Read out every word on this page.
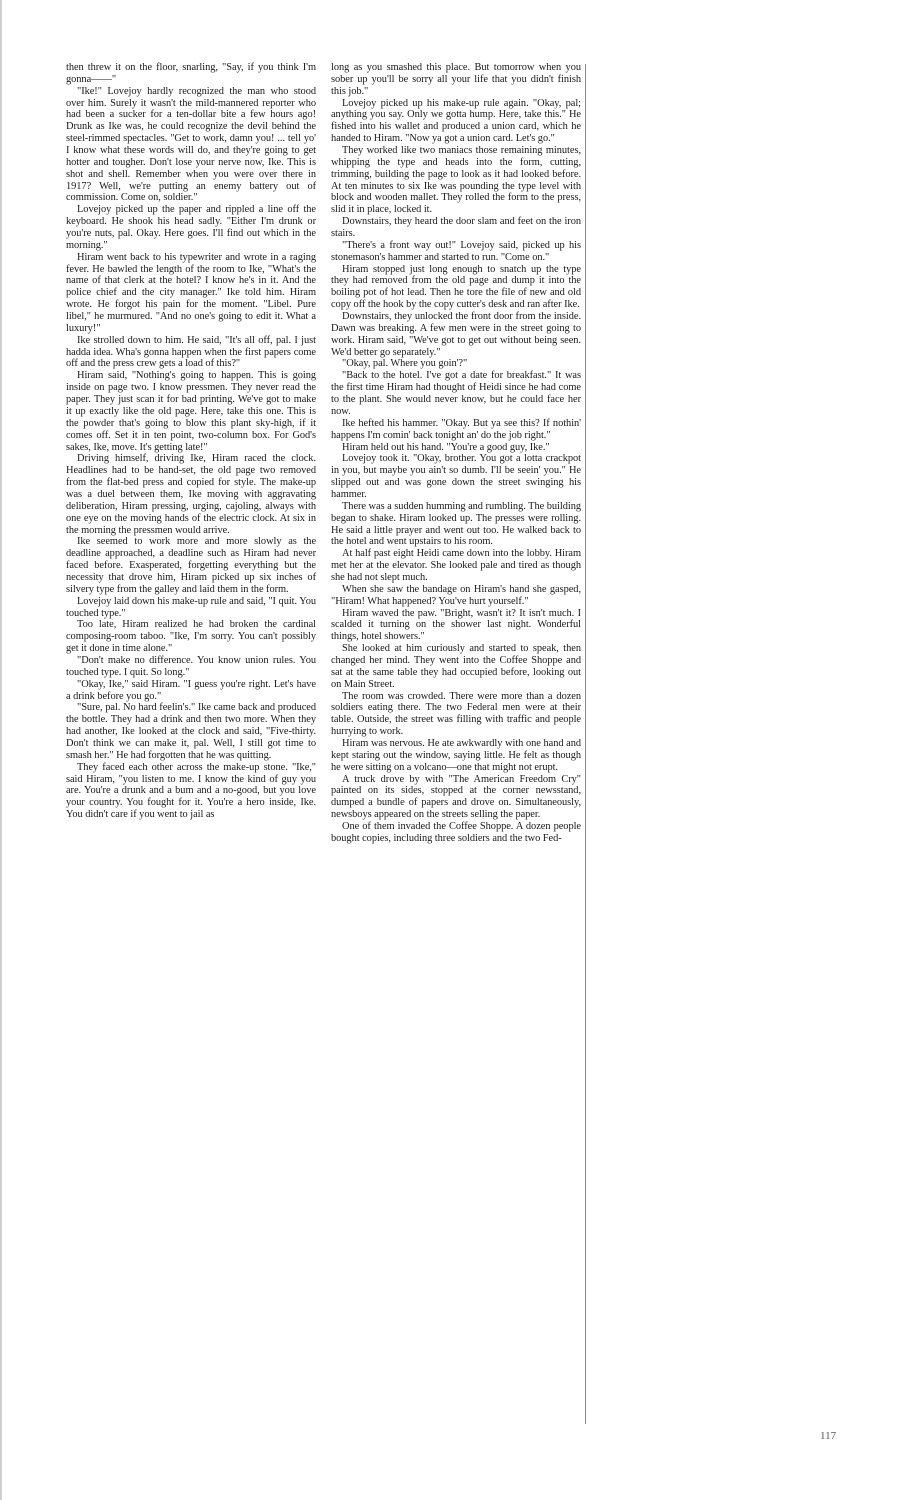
then threw it on the floor, snarling, "Say, if you think I'm gonna——"

"Ike!" Lovejoy hardly recognized the man who stood over him. Surely it wasn't the mild-mannered reporter who had been a sucker for a ten-dollar bite a few hours ago! Drunk as Ike was, he could recognize the devil behind the steel-rimmed spectacles. "Get to work, damn you! ... tell yo' I know what these words will do, and they're going to get hotter and tougher. Don't lose your nerve now, Ike. This is shot and shell. Remember when you were over there in 1917? Well, we're putting an enemy battery out of commission. Come on, soldier."

Lovejoy picked up the paper and rippled a line off the keyboard. He shook his head sadly. "Either I'm drunk or you're nuts, pal. Okay. Here goes. I'll find out which in the morning."

Hiram went back to his typewriter and wrote in a raging fever. He bawled the length of the room to Ike, "What's the name of that clerk at the hotel? I know he's in it. And the police chief and the city manager." Ike told him. Hiram wrote. He forgot his pain for the moment. "Libel. Pure libel," he murmured. "And no one's going to edit it. What a luxury!"

Ike strolled down to him. He said, "It's all off, pal. I just hadda idea. Wha's gonna happen when the first papers come off and the press crew gets a load of this?"

Hiram said, "Nothing's going to happen. This is going inside on page two. I know pressmen. They never read the paper. They just scan it for bad printing. We've got to make it up exactly like the old page. Here, take this one. This is the powder that's going to blow this plant sky-high, if it comes off. Set it in ten point, two-column box. For God's sakes, Ike, move. It's getting late!"

Driving himself, driving Ike, Hiram raced the clock. Headlines had to be hand-set, the old page two removed from the flat-bed press and copied for style. The make-up was a duel between them, Ike moving with aggravating deliberation, Hiram pressing, urging, cajoling, always with one eye on the moving hands of the electric clock. At six in the morning the pressmen would arrive.

Ike seemed to work more and more slowly as the deadline approached, a deadline such as Hiram had never faced before. Exasperated, forgetting everything but the necessity that drove him, Hiram picked up six inches of silvery type from the galley and laid them in the form.

Lovejoy laid down his make-up rule and said, "I quit. You touched type."

Too late, Hiram realized he had broken the cardinal composing-room taboo. "Ike, I'm sorry. You can't possibly get it done in time alone."

"Don't make no difference. You know union rules. You touched type. I quit. So long."

"Okay, Ike," said Hiram. "I guess you're right. Let's have a drink before you go."

"Sure, pal. No hard feelin's." Ike came back and produced the bottle. They had a drink and then two more. When they had another, Ike looked at the clock and said, "Five-thirty. Don't think we can make it, pal. Well, I still got time to smash her." He had forgotten that he was quitting.

They faced each other across the make-up stone. "Ike," said Hiram, "you listen to me. I know the kind of guy you are. You're a drunk and a bum and a no-good, but you love your country. You fought for it. You're a hero inside, Ike. You didn't care if you went to jail as

long as you smashed this place. But tomorrow when you sober up you'll be sorry all your life that you didn't finish this job."

Lovejoy picked up his make-up rule again. "Okay, pal; anything you say. Only we gotta hump. Here, take this." He fished into his wallet and produced a union card, which he handed to Hiram. "Now ya got a union card. Let's go."

They worked like two maniacs those remaining minutes, whipping the type and heads into the form, cutting, trimming, building the page to look as it had looked before. At ten minutes to six Ike was pounding the type level with block and wooden mallet. They rolled the form to the press, slid it in place, locked it.

Downstairs, they heard the door slam and feet on the iron stairs.

"There's a front way out!" Lovejoy said, picked up his stonemason's hammer and started to run. "Come on."

Hiram stopped just long enough to snatch up the type they had removed from the old page and dump it into the boiling pot of hot lead. Then he tore the file of new and old copy off the hook by the copy cutter's desk and ran after Ike.

Downstairs, they unlocked the front door from the inside. Dawn was breaking. A few men were in the street going to work. Hiram said, "We've got to get out without being seen. We'd better go separately."

"Okay, pal. Where you goin'?"

"Back to the hotel. I've got a date for breakfast." It was the first time Hiram had thought of Heidi since he had come to the plant. She would never know, but he could face her now.

Ike hefted his hammer. "Okay. But ya see this? If nothin' happens I'm comin' back tonight an' do the job right."

Hiram held out his hand. "You're a good guy, Ike."

Lovejoy took it. "Okay, brother. You got a lotta crackpot in you, but maybe you ain't so dumb. I'll be seein' you." He slipped out and was gone down the street swinging his hammer.

There was a sudden humming and rumbling. The building began to shake. Hiram looked up. The presses were rolling. He said a little prayer and went out too. He walked back to the hotel and went upstairs to his room.

At half past eight Heidi came down into the lobby. Hiram met her at the elevator. She looked pale and tired as though she had not slept much.

When she saw the bandage on Hiram's hand she gasped, "Hiram! What happened? You've hurt yourself."

Hiram waved the paw. "Bright, wasn't it? It isn't much. I scalded it turning on the shower last night. Wonderful things, hotel showers."

She looked at him curiously and started to speak, then changed her mind. They went into the Coffee Shoppe and sat at the same table they had occupied before, looking out on Main Street.

The room was crowded. There were more than a dozen soldiers eating there. The two Federal men were at their table. Outside, the street was filling with traffic and people hurrying to work.

Hiram was nervous. He ate awkwardly with one hand and kept staring out the window, saying little. He felt as though he were sitting on a volcano—one that might not erupt.

A truck drove by with "The American Freedom Cry" painted on its sides, stopped at the corner newsstand, dumped a bundle of papers and drove on. Simultaneously, newsboys appeared on the streets selling the paper.

One of them invaded the Coffee Shoppe. A dozen people bought copies, including three soldiers and the two Fed-

117
